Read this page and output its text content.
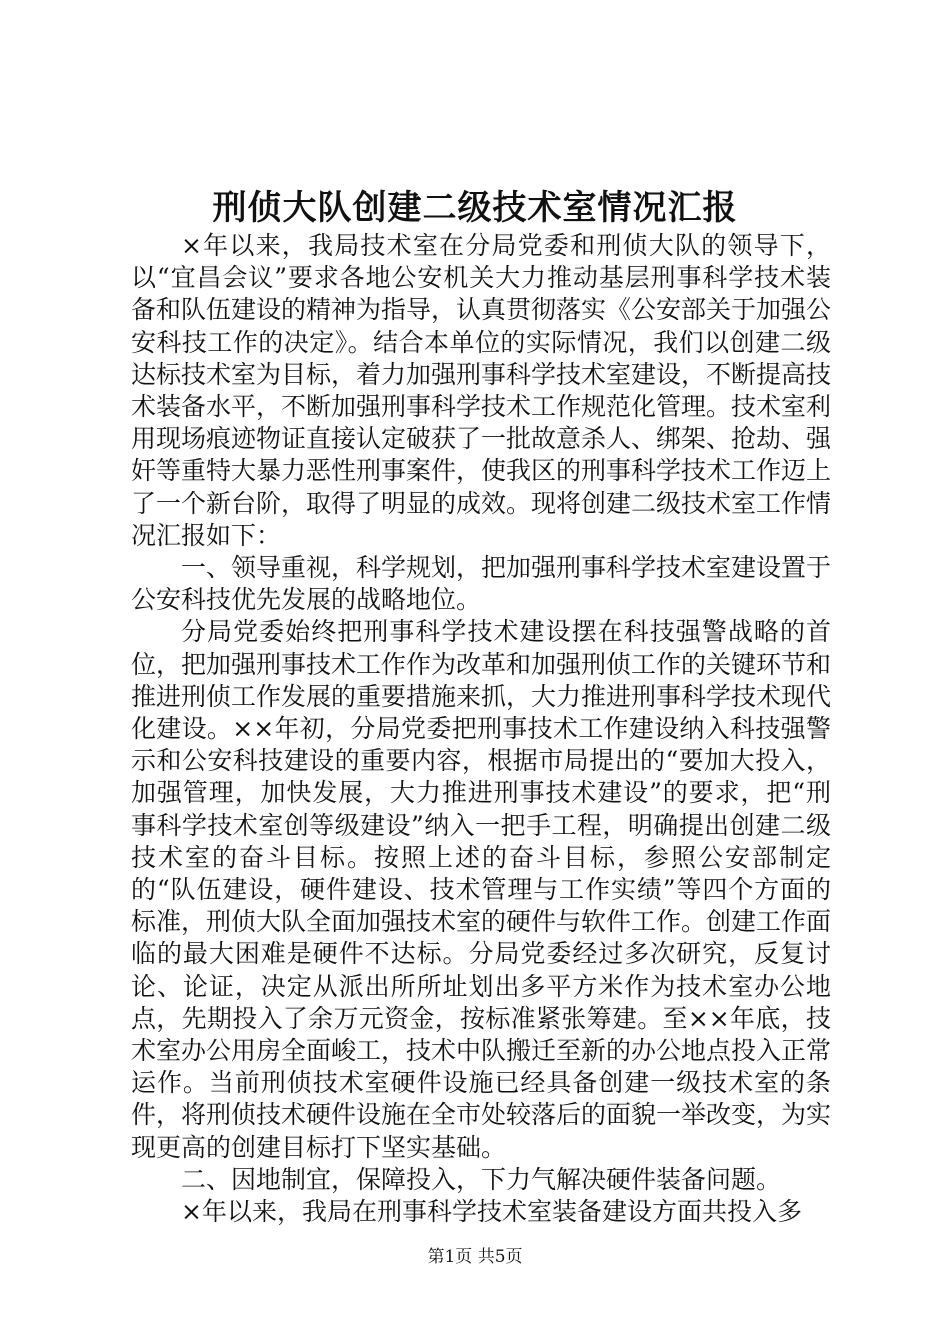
刑侦大队创建二级技术室情况汇报

×年以来，我局技术室在分局党委和刑侦大队的领导下，以“宜昌会议”要求各地公安机关大力推动基层刑事科学技术装备和队伍建设的精神为指导，认真贯彻落实《公安部关于加强公安科技工作的决定》。结合本单位的实际情况，我们以创建二级达标技术室为目标，着力加强刑事科学技术室建设，不断提高技术装备水平，不断加强刑事科学技术工作规范化管理。技术室利用现场痕迹物证直接认定破获了一批故意杀人、绑架、抢劫、强奸等重特大暴力恶性刑事案件，使我区的刑事科学技术工作迈上了一个新台阶，取得了明显的成效。现将创建二级技术室工作情况汇报如下：

一、领导重视，科学规划，把加强刑事科学技术室建设置于公安科技优先发展的战略地位。

分局党委始终把刑事科学技术建设摆在科技强警战略的首位，把加强刑事技术工作作为改革和加强刑侦工作的关键环节和推进刑侦工作发展的重要措施来抓，大力推进刑事科学技术现代化建设。××年初，分局党委把刑事技术工作建设纳入科技强警示和公安科技建设的重要内容，根据市局提出的“要加大投入，加强管理，加快发展，大力推进刑事技术建设”的要求，把“刑事科学技术室创等级建设”纳入一把手工程，明确提出创建二级技术室的奋斗目标。按照上述的奋斗目标，参照公安部制定的“队伍建设，硬件建设、技术管理与工作实绩”等四个方面的标准，刑侦大队全面加强技术室的硬件与软件工作。创建工作面临的最大困难是硬件不达标。分局党委经过多次研究，反复讨论、论证，决定从派出所所址划出多平方米作为技术室办公地点，先期投入了余万元资金，按标准紧张筹建。至××年底，技术室办公用房全面峻工，技术中队搬迁至新的办公地点投入正常运作。当前刑侦技术室硬件设施已经具备创建一级技术室的条件，将刑侦技术硬件设施在全市处较落后的面貌一举改变，为实现更高的创建目标打下坚实基础。

二、因地制宜，保障投入，下力气解决硬件装备问题。

×年以来，我局在刑事科学技术室装备建设方面共投入多

第1页 共5页
